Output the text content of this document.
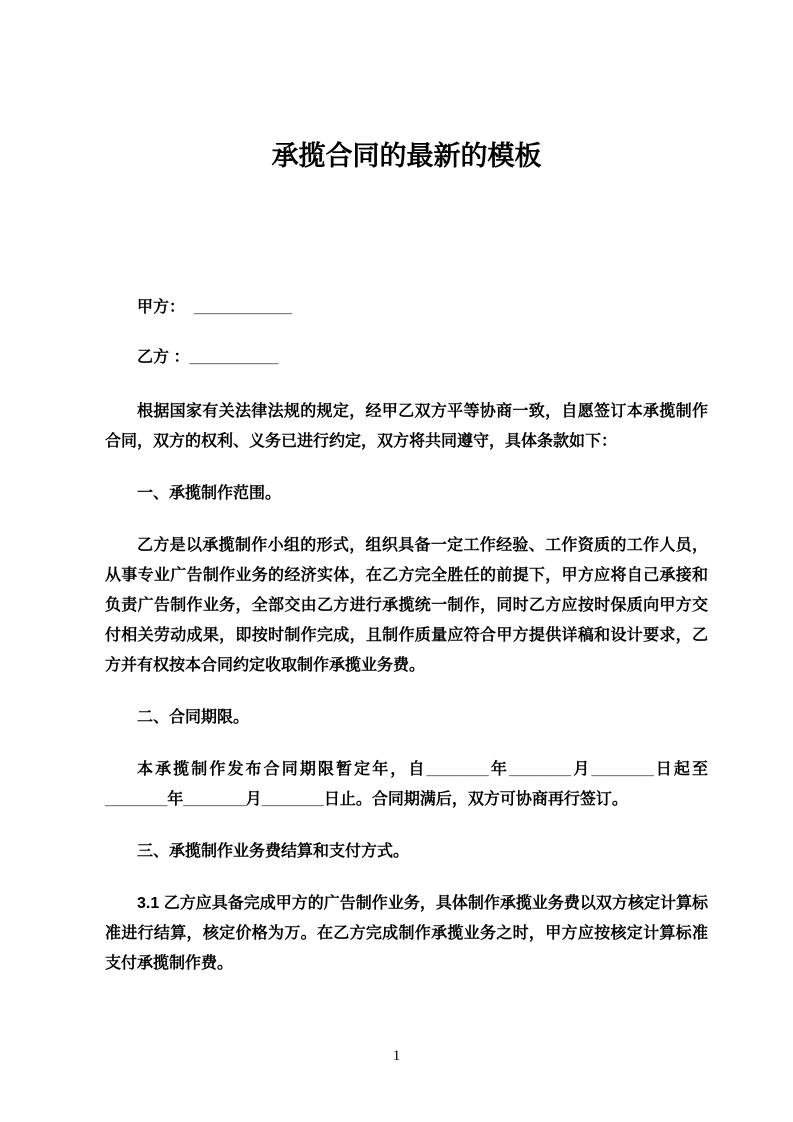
承揽合同的最新的模板
甲方：  ___________
乙方 ：__________

根据国家有关法律法规的规定，经甲乙双方平等协商一致，自愿签订本承揽制作合同，双方的权利、义务已进行约定，双方将共同遵守，具体条款如下：

一、承揽制作范围。

乙方是以承揽制作小组的形式，组织具备一定工作经验、工作资质的工作人员，从事专业广告制作业务的经济实体，在乙方完全胜任的前提下，甲方应将自己承接和负责广告制作业务，全部交由乙方进行承揽统一制作，同时乙方应按时保质向甲方交付相关劳动成果，即按时制作完成，且制作质量应符合甲方提供详稿和设计要求，乙方并有权按本合同约定收取制作承揽业务费。

二、合同期限。

本承揽制作发布合同期限暂定年，自_______年_______月_______日起至_______年_______月_______日止。合同期满后，双方可协商再行签订。

三、承揽制作业务费结算和支付方式。

3.1 乙方应具备完成甲方的广告制作业务，具体制作承揽业务费以双方核定计算标准进行结算，核定价格为万。在乙方完成制作承揽业务之时，甲方应按核定计算标准支付承揽制作费。

1
